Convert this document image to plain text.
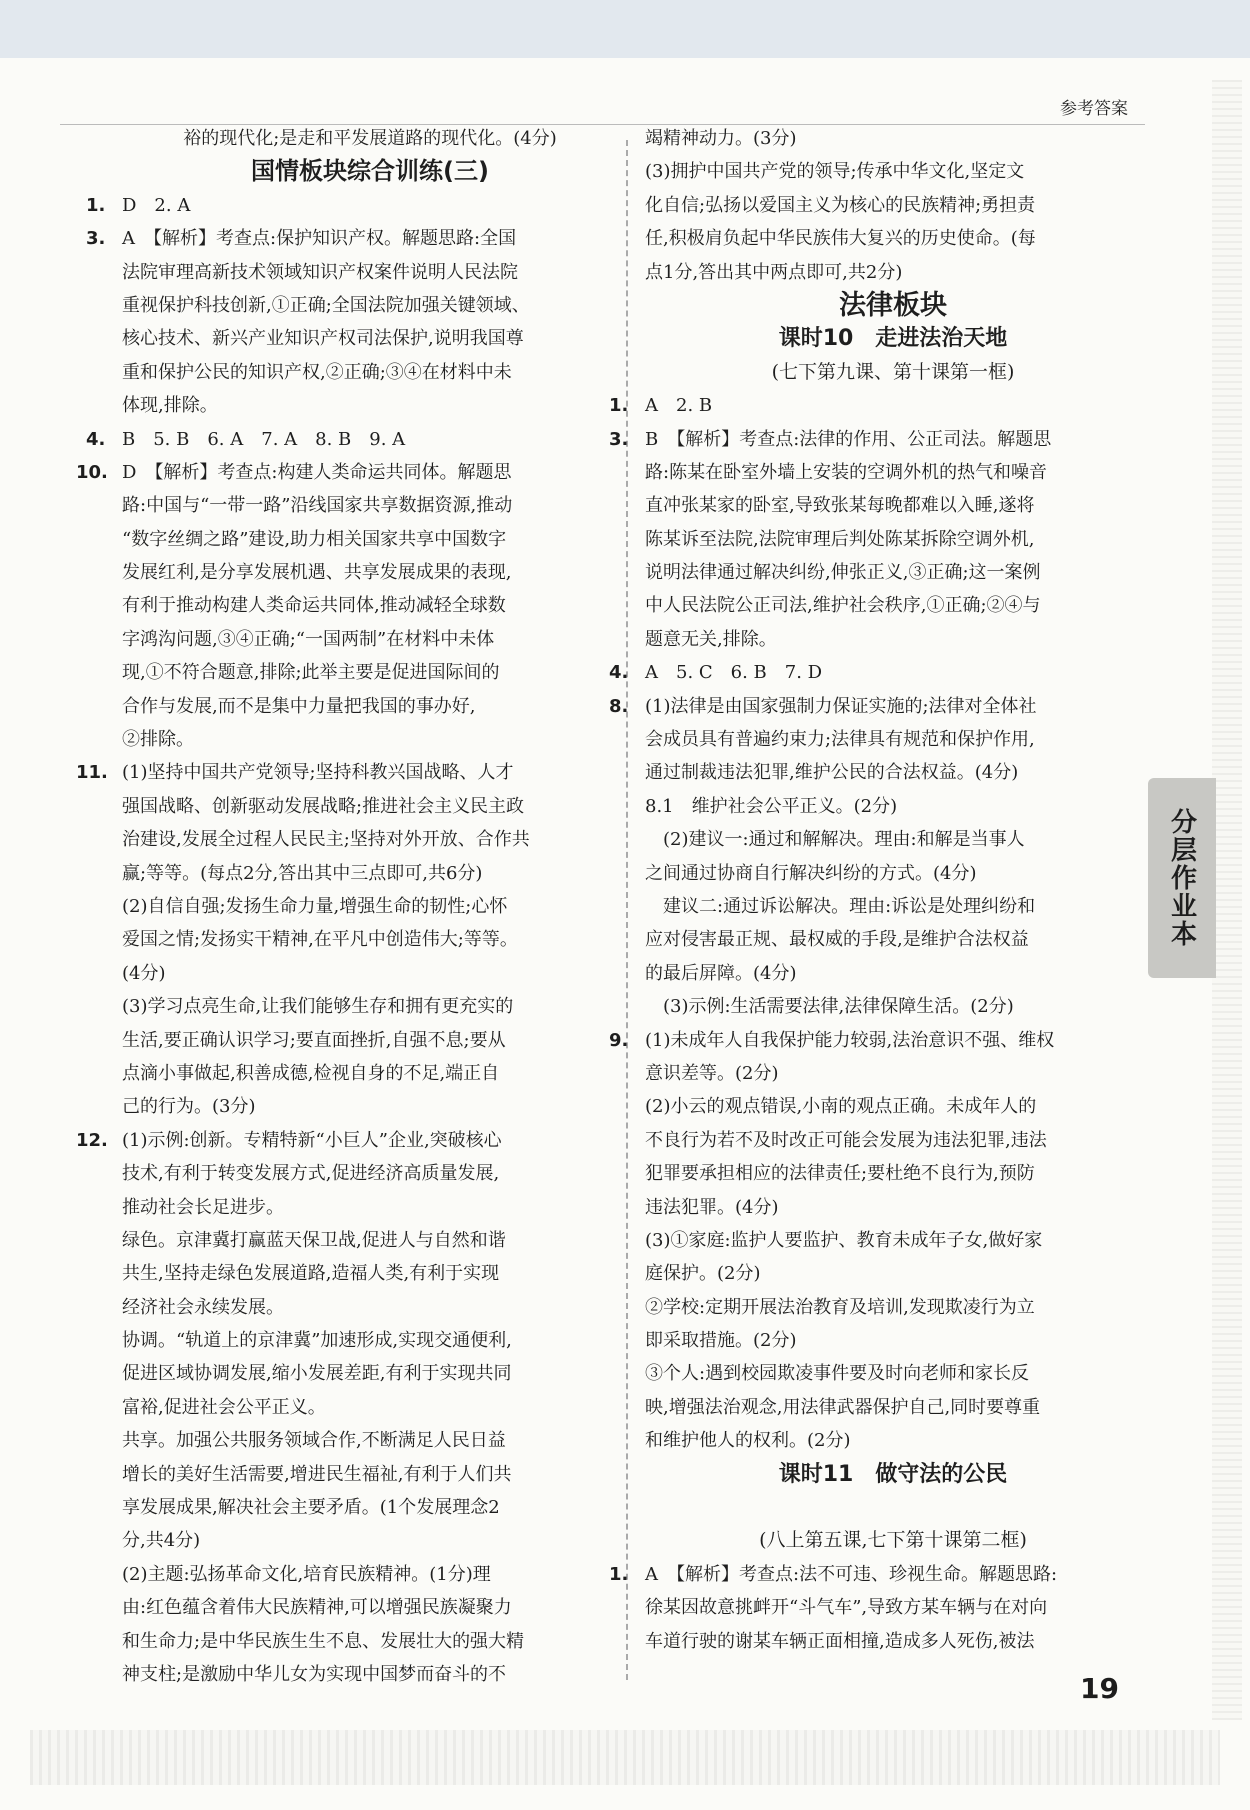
参考答案
裕的现代化;是走和平发展道路的现代化。(4分)
国情板块综合训练(三)
1. D　2. A
3. A　【解析】考查点:保护知识产权。解题思路:全国
法院审理高新技术领域知识产权案件说明人民法院
重视保护科技创新,①正确;全国法院加强关键领域、
核心技术、新兴产业知识产权司法保护,说明我国尊
重和保护公民的知识产权,②正确;③④在材料中未
体现,排除。
4. B　5. B　6. A　7. A　8. B　9. A
10. D　【解析】考查点:构建人类命运共同体。解题思
路:中国与“一带一路”沿线国家共享数据资源,推动
“数字丝绸之路”建设,助力相关国家共享中国数字
发展红利,是分享发展机遇、共享发展成果的表现,
有利于推动构建人类命运共同体,推动减轻全球数
字鸿沟问题,③④正确;“一国两制”在材料中未体
现,①不符合题意,排除;此举主要是促进国际间的
合作与发展,而不是集中力量把我国的事办好,
②排除。
11. (1)坚持中国共产党领导;坚持科教兴国战略、人才
强国战略、创新驱动发展战略;推进社会主义民主政
治建设,发展全过程人民民主;坚持对外开放、合作共
赢;等等。(每点2分,答出其中三点即可,共6分)
(2)自信自强;发扬生命力量,增强生命的韧性;心怀
爱国之情;发扬实干精神,在平凡中创造伟大;等等。
(4分)
(3)学习点亮生命,让我们能够生存和拥有更充实的
生活,要正确认识学习;要直面挫折,自强不息;要从
点滴小事做起,积善成德,检视自身的不足,端正自
己的行为。(3分)
12. (1)示例:创新。专精特新“小巨人”企业,突破核心
技术,有利于转变发展方式,促进经济高质量发展,
推动社会长足进步。
绿色。京津冀打赢蓝天保卫战,促进人与自然和谐
共生,坚持走绿色发展道路,造福人类,有利于实现
经济社会永续发展。
协调。“轨道上的京津冀”加速形成,实现交通便利,
促进区域协调发展,缩小发展差距,有利于实现共同
富裕,促进社会公平正义。
共享。加强公共服务领域合作,不断满足人民日益
增长的美好生活需要,增进民生福祉,有利于人们共
享发展成果,解决社会主要矛盾。(1个发展理念2
分,共4分)
(2)主题:弘扬革命文化,培育民族精神。(1分)理
由:红色蕴含着伟大民族精神,可以增强民族凝聚力
和生命力;是中华民族生生不息、发展壮大的强大精
神支柱;是激励中华儿女为实现中国梦而奋斗的不
竭精神动力。(3分)
(3)拥护中国共产党的领导;传承中华文化,坚定文
化自信;弘扬以爱国主义为核心的民族精神;勇担责
任,积极肩负起中华民族伟大复兴的历史使命。(每
点1分,答出其中两点即可,共2分)
法律板块
课时10　走进法治天地
(七下第九课、第十课第一框)
1. A　2. B
3. B　【解析】考查点:法律的作用、公正司法。解题思
路:陈某在卧室外墙上安装的空调外机的热气和噪音
直冲张某家的卧室,导致张某每晚都难以入睡,遂将
陈某诉至法院,法院审理后判处陈某拆除空调外机,
说明法律通过解决纠纷,伸张正义,③正确;这一案例
中人民法院公正司法,维护社会秩序,①正确;②④与
题意无关,排除。
4. A　5. C　6. B　7. D
8. (1)法律是由国家强制力保证实施的;法律对全体社
会成员具有普遍约束力;法律具有规范和保护作用,
通过制裁违法犯罪,维护公民的合法权益。(4分)
8.1　维护社会公平正义。(2分)
　(2)建议一:通过和解解决。理由:和解是当事人
之间通过协商自行解决纠纷的方式。(4分)
　建议二:通过诉讼解决。理由:诉讼是处理纠纷和
应对侵害最正规、最权威的手段,是维护合法权益
的最后屏障。(4分)
　(3)示例:生活需要法律,法律保障生活。(2分)
9. (1)未成年人自我保护能力较弱,法治意识不强、维权
意识差等。(2分)
(2)小云的观点错误,小南的观点正确。未成年人的
不良行为若不及时改正可能会发展为违法犯罪,违法
犯罪要承担相应的法律责任;要杜绝不良行为,预防
违法犯罪。(4分)
(3)①家庭:监护人要监护、教育未成年子女,做好家
庭保护。(2分)
②学校:定期开展法治教育及培训,发现欺凌行为立
即采取措施。(2分)
③个人:遇到校园欺凌事件要及时向老师和家长反
映,增强法治观念,用法律武器保护自己,同时要尊重
和维护他人的权利。(2分)
课时11　做守法的公民
(八上第五课,七下第十课第二框)
1. A　【解析】考查点:法不可违、珍视生命。解题思路:
徐某因故意挑衅开“斗气车”,导致方某车辆与在对向
车道行驶的谢某车辆正面相撞,造成多人死伤,被法
分层作业本
19
